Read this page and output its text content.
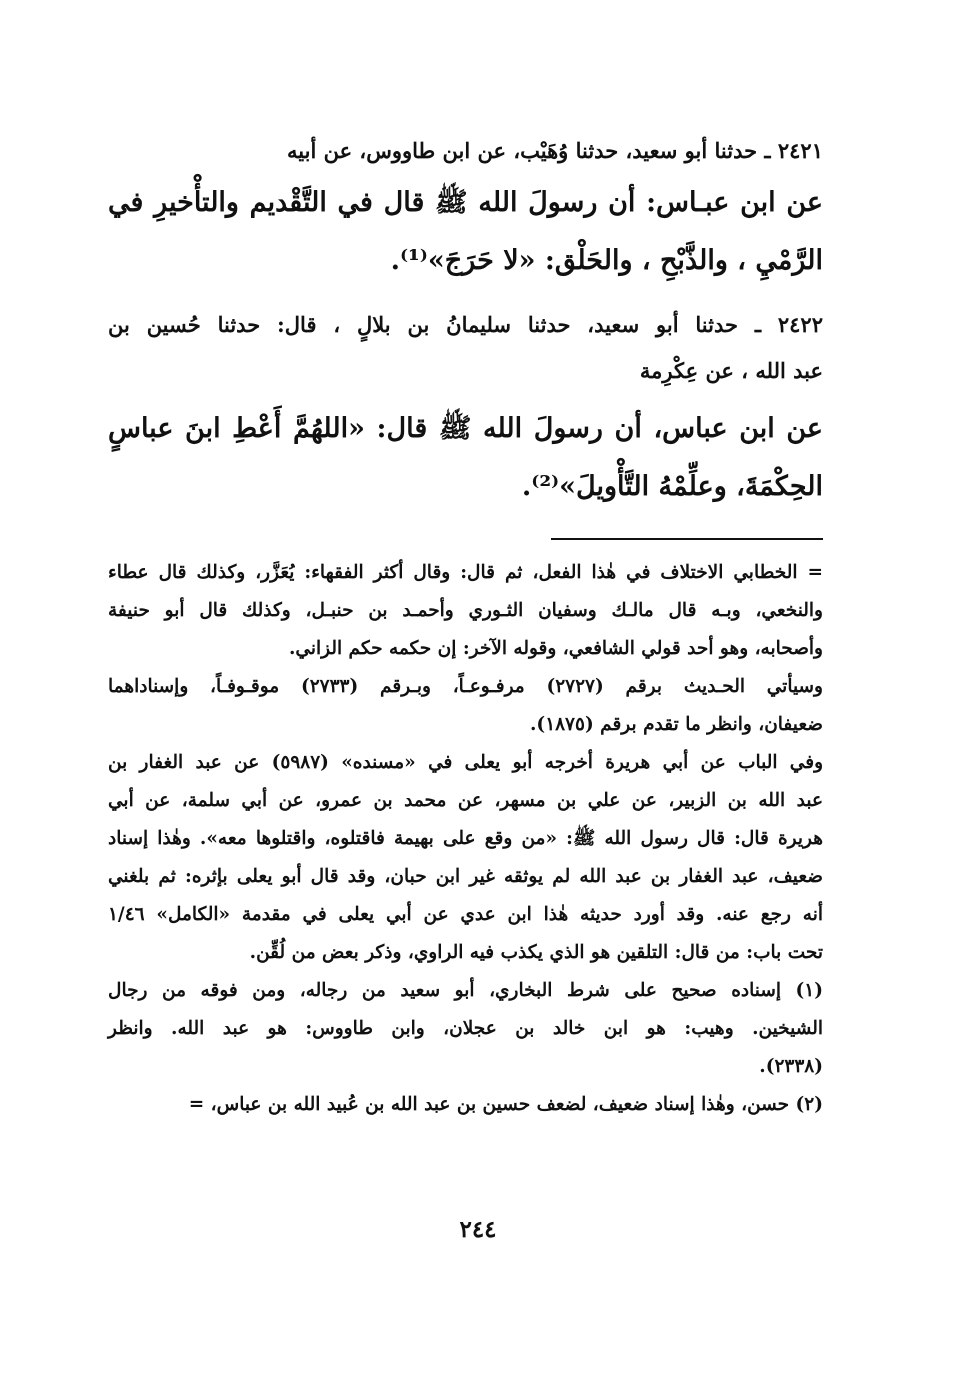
٢٤٢١ ـ حدثنا أبو سعيد، حدثنا وُهَيْب، عن ابن طاووس، عن أبيه
عن ابن عبـاس: أن رسولَ الله ﷺ قال في التَّقْديم والتأْخيرِ في
الرَّمْيِ ، والذَّبْحِ ، والحَلْق: «لا حَرَجَ»⁽¹⁾.
٢٤٢٢ ـ حدثنا أبو سعيد، حدثنا سليمانُ بن بلالٍ ، قال: حدثنا حُسين بن
عبد الله ، عن عِكْرِمة
عن ابن عباس، أن رسولَ الله ﷺ قال: «اللهُمَّ أَعْطِ ابنَ عباسٍ
الحِكْمَةَ، وعلِّمْهُ التَّأْويلَ»⁽²⁾.
= الخطابي الاختلاف في هٰذا الفعل، ثم قال: وقال أكثر الفقهاء: يُعَزَّر، وكذلك قال عطاء
والنخعي، وبـه قال مالـك وسفيان الثـوري وأحمـد بن حنبـل، وكذلك قال أبو حنيفة
وأصحابه، وهو أحد قولي الشافعي، وقوله الآخر: إن حكمه حكم الزاني.
وسيأتي الحـديث برقم (٢٧٢٧) مرفـوعـاً، وبـرقم (٢٧٣٣) موقـوفـاً، وإسناداهما
ضعيفان، وانظر ما تقدم برقم (١٨٧٥).
وفي الباب عن أبي هريرة أخرجه أبو يعلى في «مسنده» (٥٩٨٧) عن عبد الغفار بن
عبد الله بن الزبير، عن علي بن مسهر، عن محمد بن عمرو، عن أبي سلمة، عن أبي
هريرة قال: قال رسول الله ﷺ: «من وقع على بهيمة فاقتلوه، واقتلوها معه». وهٰذا إسناد
ضعيف، عبد الغفار بن عبد الله لم يوثقه غير ابن حبان، وقد قال أبو يعلى بإثره: ثم بلغني
أنه رجع عنه. وقد أورد حديثه هٰذا ابن عدي عن أبي يعلى في مقدمة «الكامل» ١/٤٦
تحت باب: من قال: التلقين هو الذي يكذب فيه الراوي، وذكر بعض من لُقِّن.
(١) إسناده صحيح على شرط البخاري، أبو سعيد من رجاله، ومن فوقه من رجال
الشيخين. وهيب: هو ابن خالد بن عجلان، وابن طاووس: هو عبد الله. وانظر
(٢٣٣٨).
(٢) حسن، وهٰذا إسناد ضعيف، لضعف حسين بن عبد الله بن عُبيد الله بن عباس، =
٢٤٤
